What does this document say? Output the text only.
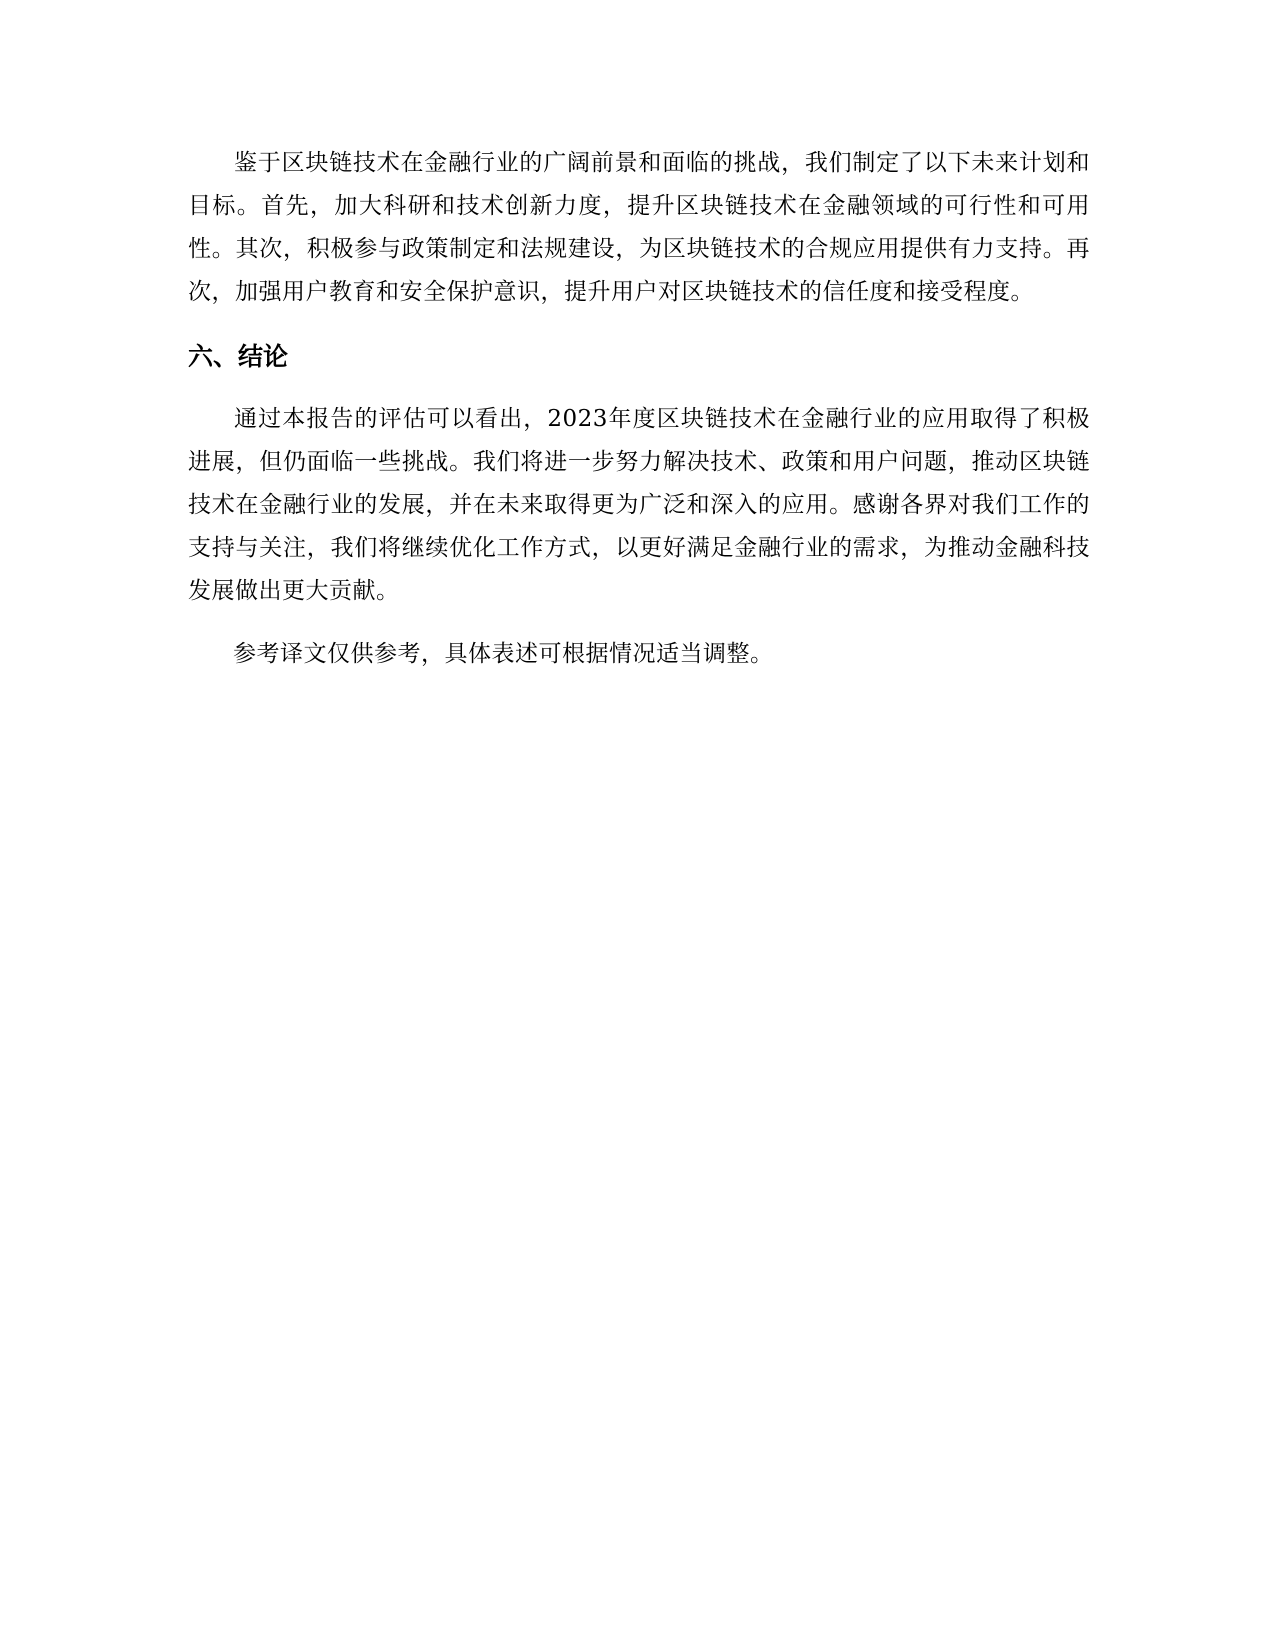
鉴于区块链技术在金融行业的广阔前景和面临的挑战，我们制定了以下未来计划和目标。首先，加大科研和技术创新力度，提升区块链技术在金融领域的可行性和可用性。其次，积极参与政策制定和法规建设，为区块链技术的合规应用提供有力支持。再次，加强用户教育和安全保护意识，提升用户对区块链技术的信任度和接受程度。

六、结论

通过本报告的评估可以看出，2023年度区块链技术在金融行业的应用取得了积极进展，但仍面临一些挑战。我们将进一步努力解决技术、政策和用户问题，推动区块链技术在金融行业的发展，并在未来取得更为广泛和深入的应用。感谢各界对我们工作的支持与关注，我们将继续优化工作方式，以更好满足金融行业的需求，为推动金融科技发展做出更大贡献。

参考译文仅供参考，具体表述可根据情况适当调整。
